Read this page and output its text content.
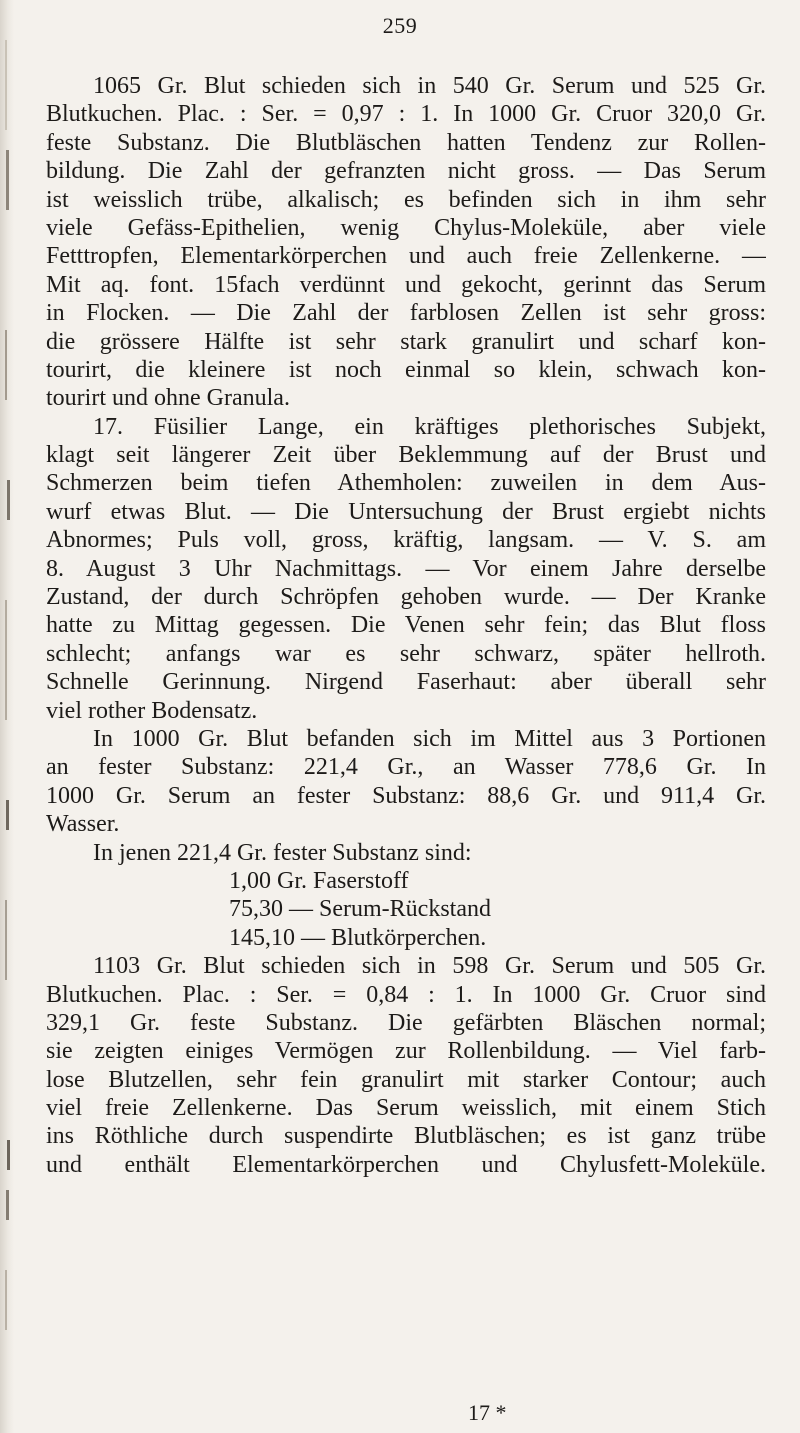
259
1065 Gr. Blut schieden sich in 540 Gr. Serum und 525 Gr.
Blutkuchen. Plac. : Ser. = 0,97 : 1. In 1000 Gr. Cruor 320,0 Gr.
feste Substanz. Die Blutbläschen hatten Tendenz zur Rollen-
bildung. Die Zahl der gefranzten nicht gross. — Das Serum
ist weisslich trübe, alkalisch; es befinden sich in ihm sehr
viele Gefäss-Epithelien, wenig Chylus-Moleküle, aber viele
Fetttropfen, Elementarkörperchen und auch freie Zellenkerne. —
Mit aq. font. 15fach verdünnt und gekocht, gerinnt das Serum
in Flocken. — Die Zahl der farblosen Zellen ist sehr gross:
die grössere Hälfte ist sehr stark granulirt und scharf kon-
tourirt, die kleinere ist noch einmal so klein, schwach kon-
tourirt und ohne Granula.
17. Füsilier Lange, ein kräftiges plethorisches Subjekt,
klagt seit längerer Zeit über Beklemmung auf der Brust und
Schmerzen beim tiefen Athemholen: zuweilen in dem Aus-
wurf etwas Blut. — Die Untersuchung der Brust ergiebt nichts
Abnormes; Puls voll, gross, kräftig, langsam. — V. S. am
8. August 3 Uhr Nachmittags. — Vor einem Jahre derselbe
Zustand, der durch Schröpfen gehoben wurde. — Der Kranke
hatte zu Mittag gegessen. Die Venen sehr fein; das Blut floss
schlecht; anfangs war es sehr schwarz, später hellroth.
Schnelle Gerinnung. Nirgend Faserhaut: aber überall sehr
viel rother Bodensatz.
In 1000 Gr. Blut befanden sich im Mittel aus 3 Portionen
an fester Substanz: 221,4 Gr., an Wasser 778,6 Gr. In
1000 Gr. Serum an fester Substanz: 88,6 Gr. und 911,4 Gr.
Wasser.
In jenen 221,4 Gr. fester Substanz sind:
1,00 Gr. Faserstoff
75,30 — Serum-Rückstand
145,10 — Blutkörperchen.
1103 Gr. Blut schieden sich in 598 Gr. Serum und 505 Gr.
Blutkuchen. Plac. : Ser. = 0,84 : 1. In 1000 Gr. Cruor sind
329,1 Gr. feste Substanz. Die gefärbten Bläschen normal;
sie zeigten einiges Vermögen zur Rollenbildung. — Viel farb-
lose Blutzellen, sehr fein granulirt mit starker Contour; auch
viel freie Zellenkerne. Das Serum weisslich, mit einem Stich
ins Röthliche durch suspendirte Blutbläschen; es ist ganz trübe
und enthält Elementarkörperchen und Chylusfett-Moleküle.
17 *
